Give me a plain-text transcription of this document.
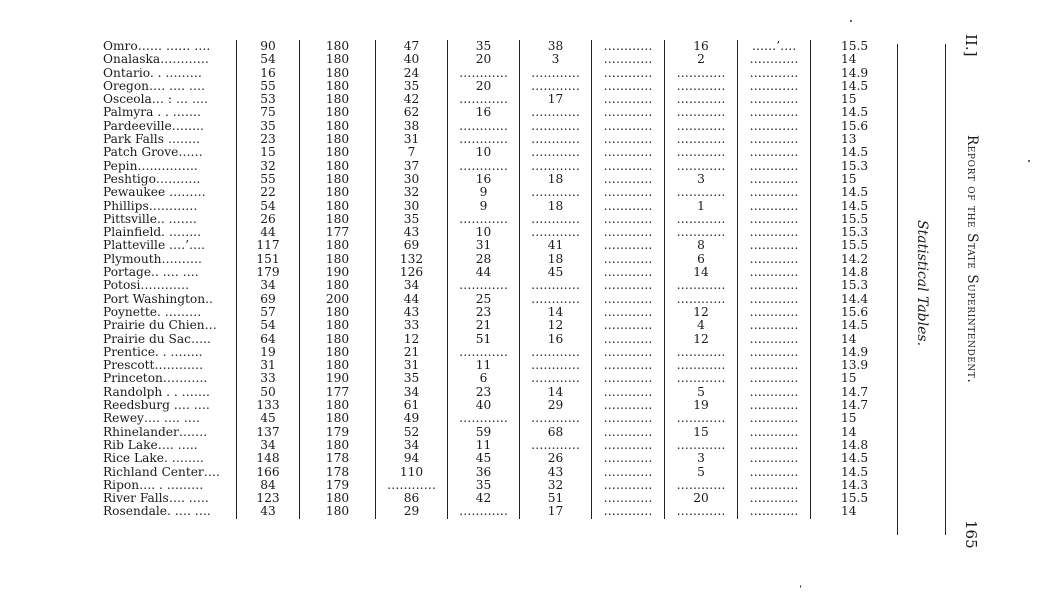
Omro…… …… ….	90	180	47	35	38	…………	16	……’….	15.5
Onalaska…………	54	180	40	20	3	…………	2	…………	14
Ontario. . ………	16	180	24	…………	…………	…………	…………	…………	14.9
Oregon…. …. ….	55	180	35	20	…………	…………	…………	…………	14.5
Osceola… : … ….	53	180	42	…………	17	…………	…………	…………	15
Palmyra . . …….	75	180	62	16	…………	…………	…………	…………	14.5
Pardeeville……..	35	180	38	…………	…………	…………	…………	…………	15.6
Park Falls ……..	23	180	31	…………	…………	…………	…………	…………	13
Patch Grove……	15	180	7	10	…………	…………	…………	…………	14.5
Pepin…..……….	32	180	37	…………	…………	…………	…………	…………	15.3
Peshtigo………..	55	180	30	16	18	…………	3	…………	15
Pewaukee ………	22	180	32	9	…………	…………	…………	…………	14.5
Phillips…………	54	180	30	9	18	…………	1	…………	14.5
Pittsville.. …….	26	180	35	…………	…………	…………	…………	…………	15.5
Plainfield. ……..	44	177	43	10	…………	…………	…………	…………	15.3
Platteville ….’….	117	180	69	31	41	…………	8	…………	15.5
Plymouth……….	151	180	132	28	18	…………	6	…………	14.2
Portage.. …. ….	179	190	126	44	45	…………	14	…………	14.8
Potosi…………	34	180	34	…………	…………	…………	…………	…………	15.3
Port Washington..	69	200	44	25	…………	…………	…………	…………	14.4
Poynette. ………	57	180	43	23	14	…………	12	…………	15.6
Prairie du Chien…	54	180	33	21	12	…………	4	…………	14.5
Prairie du Sac…..	64	180	12	51	16	…………	12	…………	14
Prentice. . ……..	19	180	21	…………	…………	…………	…………	…………	14.9
Prescott…………	31	180	31	11	…………	…………	…………	…………	13.9
Princeton………..	33	190	35	6	…………	…………	…………	…………	15
Randolph . . …….	50	177	34	23	14	…………	5	…………	14.7
Reedsburg …. ….	133	180	61	40	29	…………	19	…………	14.7
Rewey…. …. ….	45	180	49	…………	…………	…………	…………	…………	15
Rhinelander…….	137	179	52	59	68	…………	15	…………	14
Rib Lake…. …..	34	180	34	11	…………	…………	…………	…………	14.8
Rice Lake. ……..	148	178	94	45	26	…………	3	…………	14.5
Richland Center….	166	178	110	36	43	…………	5	…………	14.5
Ripon…. . ………	84	179	…………	35	32	…………	…………	…………	14.3
River Falls…. …..	123	180	86	42	51	…………	20	…………	15.5
Rosendale. …. ….	43	180	29	…………	17	…………	…………	…………	14
II.]
Report of the State Superintendent.
165
Statistical Tables.
